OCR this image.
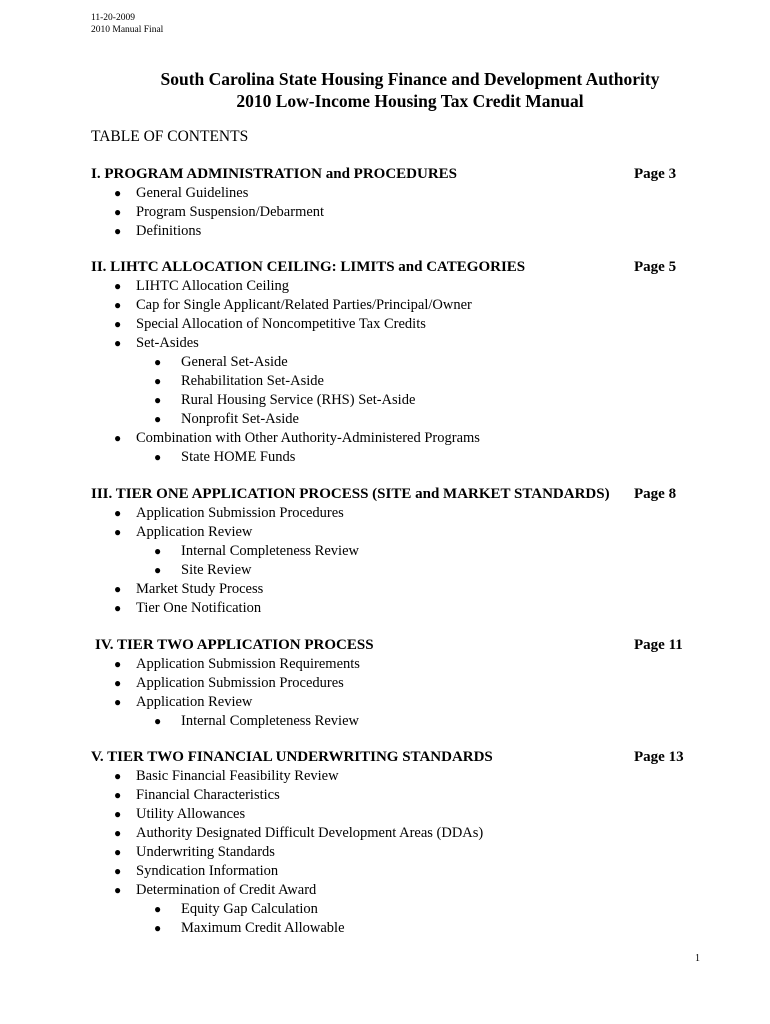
11-20-2009
2010 Manual Final
South Carolina State Housing Finance and Development Authority
2010 Low-Income Housing Tax Credit Manual
TABLE OF CONTENTS
I. PROGRAM ADMINISTRATION and PROCEDURES	Page 3
● General Guidelines
● Program Suspension/Debarment
● Definitions
II. LIHTC ALLOCATION CEILING: LIMITS and CATEGORIES	Page 5
● LIHTC Allocation Ceiling
● Cap for Single Applicant/Related Parties/Principal/Owner
● Special Allocation of Noncompetitive Tax Credits
● Set-Asides
● General Set-Aside
● Rehabilitation Set-Aside
● Rural Housing Service (RHS) Set-Aside
● Nonprofit Set-Aside
● Combination with Other Authority-Administered Programs
● State HOME Funds
III. TIER ONE APPLICATION PROCESS (SITE and MARKET STANDARDS) Page 8
● Application Submission Procedures
● Application Review
● Internal Completeness Review
● Site Review
● Market Study Process
● Tier One Notification
IV. TIER TWO APPLICATION PROCESS	Page 11
● Application Submission Requirements
● Application Submission Procedures
● Application Review
● Internal Completeness Review
V. TIER TWO FINANCIAL UNDERWRITING STANDARDS	Page 13
● Basic Financial Feasibility Review
● Financial Characteristics
● Utility Allowances
● Authority Designated Difficult Development Areas (DDAs)
● Underwriting Standards
● Syndication Information
● Determination of Credit Award
● Equity Gap Calculation
● Maximum Credit Allowable
1
